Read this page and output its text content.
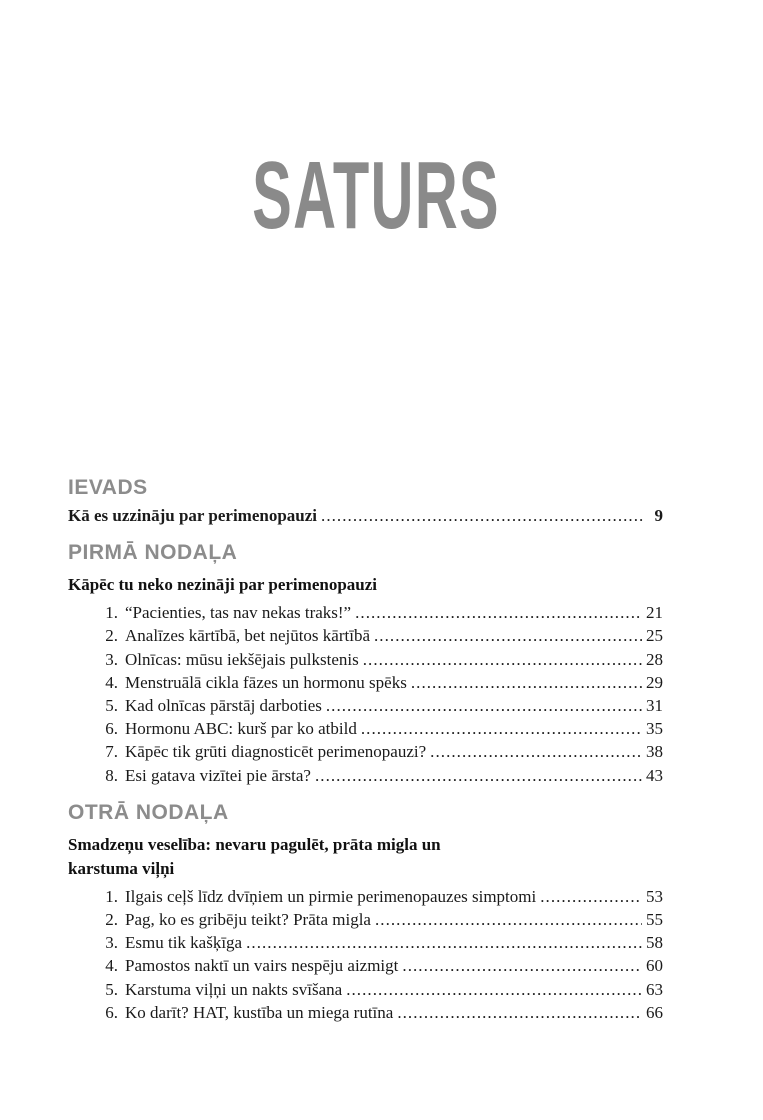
SATURS
IEVADS
Kā es uzzināju par perimenopauzi . . .	9
PIRMĀ NODAĻA
Kāpēc tu neko nezināji par perimenopauzi
1. “Pacienties, tas nav nekas traks!” . . .	21
2. Analīzes kārtībā, bet nejūtos kārtībā . . .	25
3. Olnīcas: mūsu iekšējais pulkstenis . . .	28
4. Menstruālā cikla fāzes un hormonu spēks . . .	29
5. Kad olnīcas pārstāj darboties . . .	31
6. Hormonu ABC: kurš par ko atbild . . .	35
7. Kāpēc tik grūti diagnosticēt perimenopauzi? . . .	38
8. Esi gatava vizītei pie ārsta? . . .	43
OTRĀ NODAĻA
Smadzeņu veselība: nevaru pagulēt, prāta migla un
karstuma viļņi
1. Ilgais ceļš līdz dvīņiem un pirmie perimenopauzes simptomi . . .	53
2. Pag, ko es gribēju teikt? Prāta migla . . .	55
3. Esmu tik kašķīga . . .	58
4. Pamostos naktī un vairs nespēju aizmigt . . .	60
5. Karstuma viļņi un nakts svīšana . . .	63
6. Ko darīt? HAT, kustība un miega rutīna . . .	66
